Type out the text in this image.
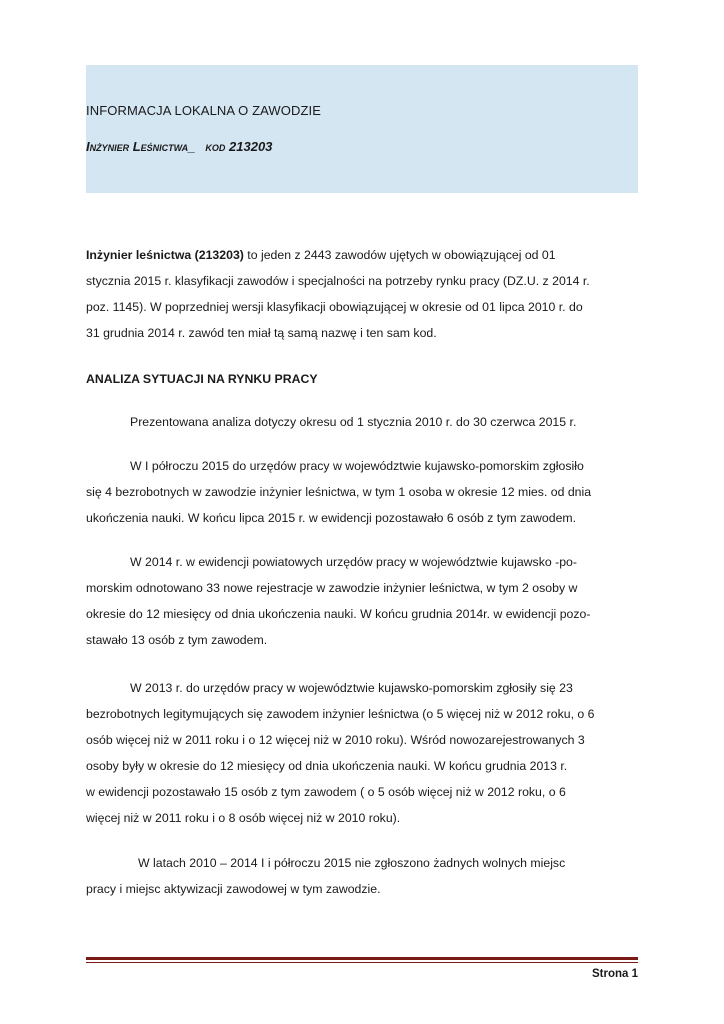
INFORMACJA LOKALNA O ZAWODZIE
Inżynier Leśnictwa_ kod 213203
Inżynier leśnictwa (213203) to jeden z 2443 zawodów ujętych w obowiązującej od 01
stycznia 2015 r. klasyfikacji zawodów i specjalności na potrzeby rynku pracy (DZ.U. z 2014 r.
poz. 1145). W poprzedniej wersji klasyfikacji obowiązującej w okresie od 01 lipca 2010 r. do
31 grudnia 2014 r. zawód ten miał tą samą nazwę i ten sam kod.
ANALIZA SYTUACJI NA RYNKU PRACY
Prezentowana analiza dotyczy okresu od 1 stycznia 2010 r. do 30 czerwca 2015 r.
W I półroczu 2015 do urzędów pracy w województwie kujawsko-pomorskim zgłosiło
się 4 bezrobotnych w zawodzie inżynier leśnictwa, w tym 1 osoba w okresie 12 mies. od dnia
ukończenia nauki. W końcu lipca 2015 r. w ewidencji pozostawało 6 osób z tym zawodem.
W 2014 r. w ewidencji powiatowych urzędów pracy w województwie kujawsko -po-
morskim odnotowano 33 nowe rejestracje w zawodzie inżynier leśnictwa, w tym 2 osoby w
okresie do 12 miesięcy od dnia ukończenia nauki. W końcu grudnia 2014r. w ewidencji pozo-
stawało 13 osób z tym zawodem.
W 2013 r. do urzędów pracy w województwie kujawsko-pomorskim zgłosiły się 23
bezrobotnych legitymujących się zawodem inżynier leśnictwa (o 5 więcej niż w 2012 roku, o 6
osób więcej niż w 2011 roku i o 12 więcej niż w 2010 roku). Wśród nowozarejestrowanych 3
osoby były w okresie do 12 miesięcy od dnia ukończenia nauki. W końcu grudnia 2013 r.
w ewidencji pozostawało 15 osób z tym zawodem ( o 5 osób więcej niż w 2012 roku, o 6
więcej niż w 2011 roku i o 8 osób więcej niż w 2010 roku).
W latach 2010 – 2014 I i półroczu 2015 nie zgłoszono żadnych wolnych miejsc
pracy i miejsc aktywizacji zawodowej w tym zawodzie.
Strona 1
